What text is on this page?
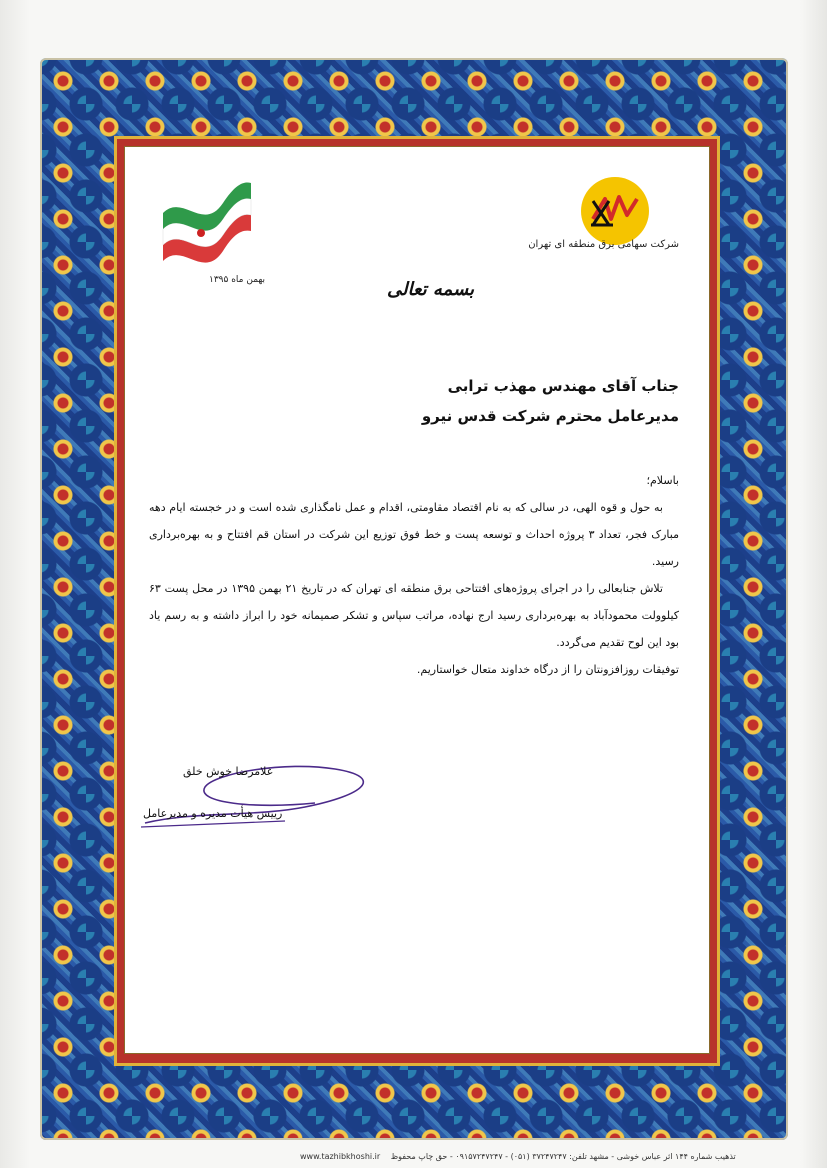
شرکت سهامی برق منطقه ای تهران
بهمن ماه ۱۳۹۵	بسمه تعالی
جناب آقای مهندس مهذب ترابی
مدیرعامل محترم شرکت قدس نیرو

باسلام؛

به حول و قوه الهی، در سالی که به نام اقتصاد مقاومتی، اقدام و عمل نامگذاری شده است و در خجسته ایام دهه مبارک فجر، تعداد ۳ پروژه احداث و توسعه پست و خط فوق توزیع این شرکت در استان قم افتتاح و به بهره‌برداری رسید.

تلاش جنابعالی را در اجرای پروژه‌های افتتاحی برق منطقه ای تهران که در تاریخ ۲۱ بهمن ۱۳۹۵ در محل پست ۶۳ کیلوولت محمودآباد به بهره‌برداری رسید ارج نهاده، مراتب سپاس و تشکر صمیمانه خود را ابراز داشته و به رسم یاد بود این لوح تقدیم می‌گردد.

توفیقات روزافزونتان را از درگاه خداوند متعال خواستاریم.

غلامرضا خوش خلق
رییس هیأت مدیره و مدیرعامل
www.tazhibkhoshi.ir تذهیب شماره ۱۴۴ اثر عباس خوشی - مشهد تلفن: ۳۷۲۴۷۲۴۷ (۰۵۱) - ۰۹۱۵۷۲۴۷۲۴۷ - حق چاپ محفوظ
